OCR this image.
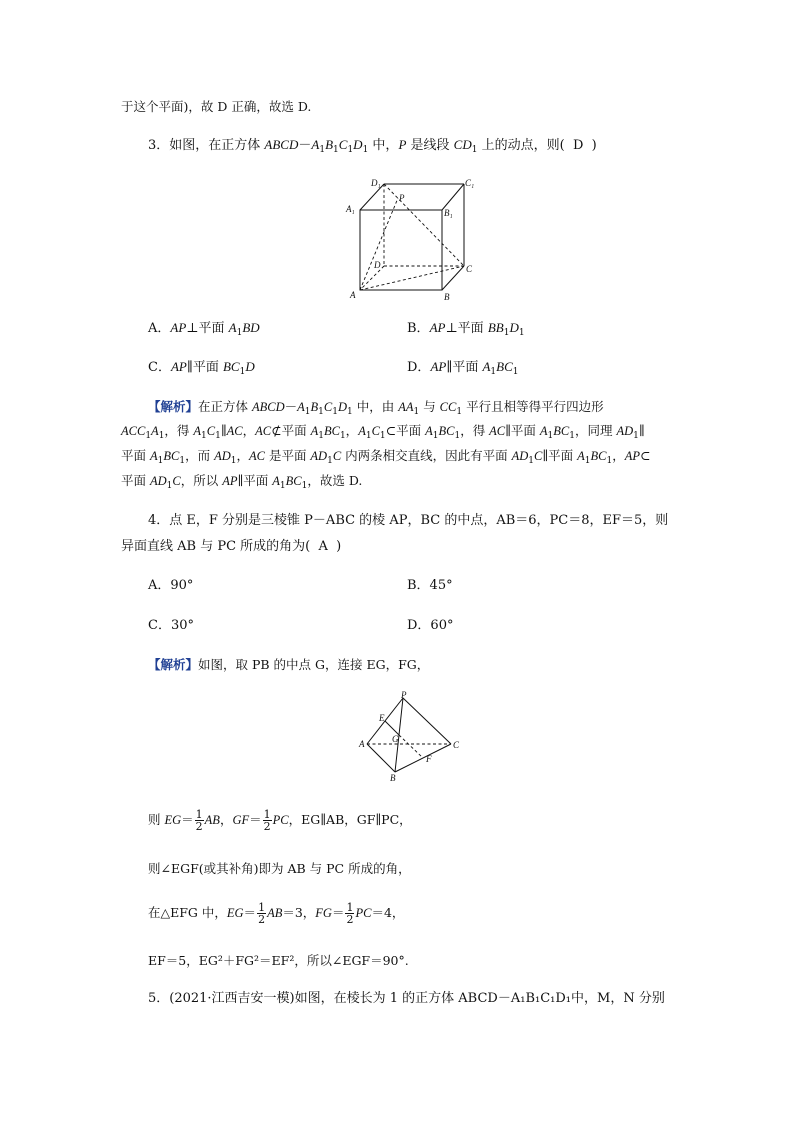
于这个平面)，故 D 正确，故选 D.
3．如图，在正方体 $ABCD-A_1B_1C_1D_1$ 中，P 是线段 $CD_1$ 上的动点，则( D )
D₁	C₁
A₁	B₁
P
D	C
A	B
A．AP⊥平面 $A_1BD$	B．AP⊥平面 $BB_1D_1$
C．AP∥平面 $BC_1D$	D．AP∥平面 $A_1BC_1$
【解析】在正方体 $ABCD-A_1B_1C_1D_1$ 中，由 $AA_1$ 与 $CC_1$ 平行且相等得平行四边形
$ACC_1A_1$，得 $A_1C_1\parallel AC$，AC⊄平面 $A_1BC_1$，$A_1C_1\subset$平面 $A_1BC_1$，得 AC∥平面 $A_1BC_1$，同理 $AD_1\parallel$
平面 $A_1BC_1$，而 $AD_1$，AC 是平面 $AD_1C$ 内两条相交直线，因此有平面 $AD_1C\parallel$平面 $A_1BC_1$，AP⊂
平面 $AD_1C$，所以 AP∥平面 $A_1BC_1$，故选 D.
4．点 E，F 分别是三棱锥 P－ABC 的棱 AP，BC 的中点，AB＝6，PC＝8，EF＝5，则
异面直线 AB 与 PC 所成的角为( A )
A．90°	B．45°
C．30°	D．60°
【解析】如图，取 PB 的中点 G，连接 EG，FG，
P
E
G
A	C
F
B
则 $EG= \frac{1}{2}$ AB，$GF= \frac{1}{2}$ PC，EG∥AB，GF∥PC，
则∠EGF(或其补角)即为 AB 与 PC 所成的角，
在△EFG 中，$EG= \frac{1}{2} AB=3$，$FG= \frac{1}{2} PC=4$，
EF＝5，EG²＋FG²＝EF²，所以∠EGF＝90°.
5．(2021·江西吉安一模)如图，在棱长为 1 的正方体 ABCD－A₁B₁C₁D₁中，M，N 分别
